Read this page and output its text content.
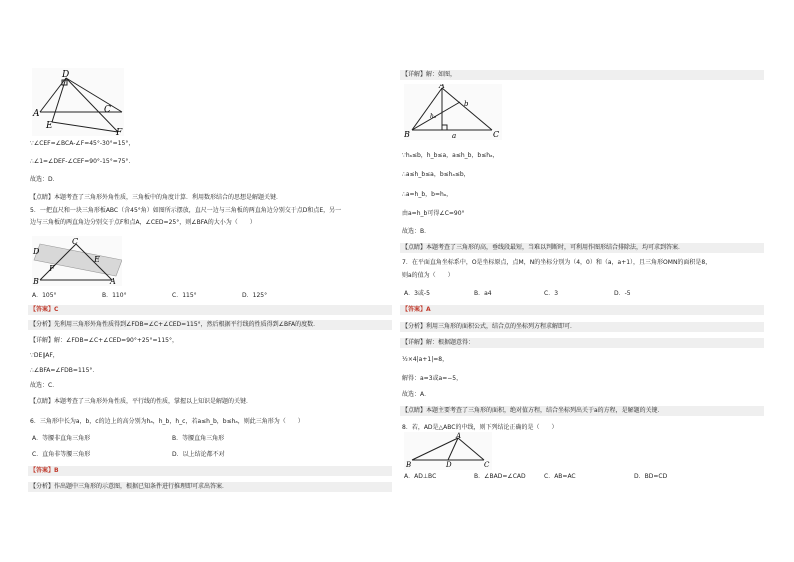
D
A
E
C
F
∵∠CEF=∠BCA-∠F=45°-30°=15°，
∴∠1=∠DEF-∠CEF=90°-15°=75°.
故选：D．
【点睛】本题考查了三角形外角性质，三角板中的角度计算．利用数形结合的思想是解题关键．
5．一把直尺和一块三角形板ABC（含45°角）如图所示摆放，直尺一边与三角板的两直角边分别交于点D和点E，另一
边与三角板的两直角边分别交于点F和点A，∠CED=25°，则∠BFA的大小为（　　）
B
F
D
E
C
A
A．105°	B．110°	C．115°	D．125°
【答案】C
【分析】先利用三角形外角性质得到∠FDB=∠C+∠CED=115°，然后根据平行线的性质得到∠BFA的度数．
【详解】解：∠FDB=∠C+∠CED=90°+25°=115°，
∵DE∥AF，
∴∠BFA=∠FDB=115°．
故选：C．
【点睛】本题考查了三角形外角性质，平行线的性质，掌握以上知识是解题的关键．
6．三角形中长为a，b，c的边上的高分别为hₐ，h_b，h_c，若a≤h_b，b≤hₐ，则此三角形为（　　）
A．等腰非直角三角形	B．等腰直角三角形
C．直角非等腰三角形	D．以上结论都不对
【答案】B
【分析】作出题中三角形的示意图，根据已知条件进行推理即可求出答案．
【详解】解：如图，
A
B	C
hₐ
b
a
∵hₐ≤b，h_b≤a，a≤h_b，b≤hₐ，
∴a≤h_b≤a，b≤hₐ≤b，
∴a=h_b，b=hₐ，
由a=h_b可得∠C=90°
故选：B．
【点睛】本题考查了三角形的高，垂线段最短，当难以判断时，可利用作图形结合排除法，均可求到答案．
7．在平面直角坐标系中，O是坐标原点，点M，N的坐标分别为（4，0）和（a，a+1），且三角形OMN的面积是8，
则a的值为（　　）
A．3或-5	B．a4	C．3	D．-5
【答案】A
【分析】利用三角形的面积公式，结合点的坐标列方程求解即可．
【详解】解：根据题意得：
½×4|a+1|=8，
解得：a=3或a=−5，
故选：A．
【点睛】本题主要考查了三角形的面积，绝对值方程，结合坐标列出关于a的方程，是解题的关键．
8．若，AD是△ABC的中线，则下列结论正确的是（　　）
A
B	D	C
A．AD⊥BC	B．∠BAD=∠CAD	C．AB=AC	D．BD=CD
